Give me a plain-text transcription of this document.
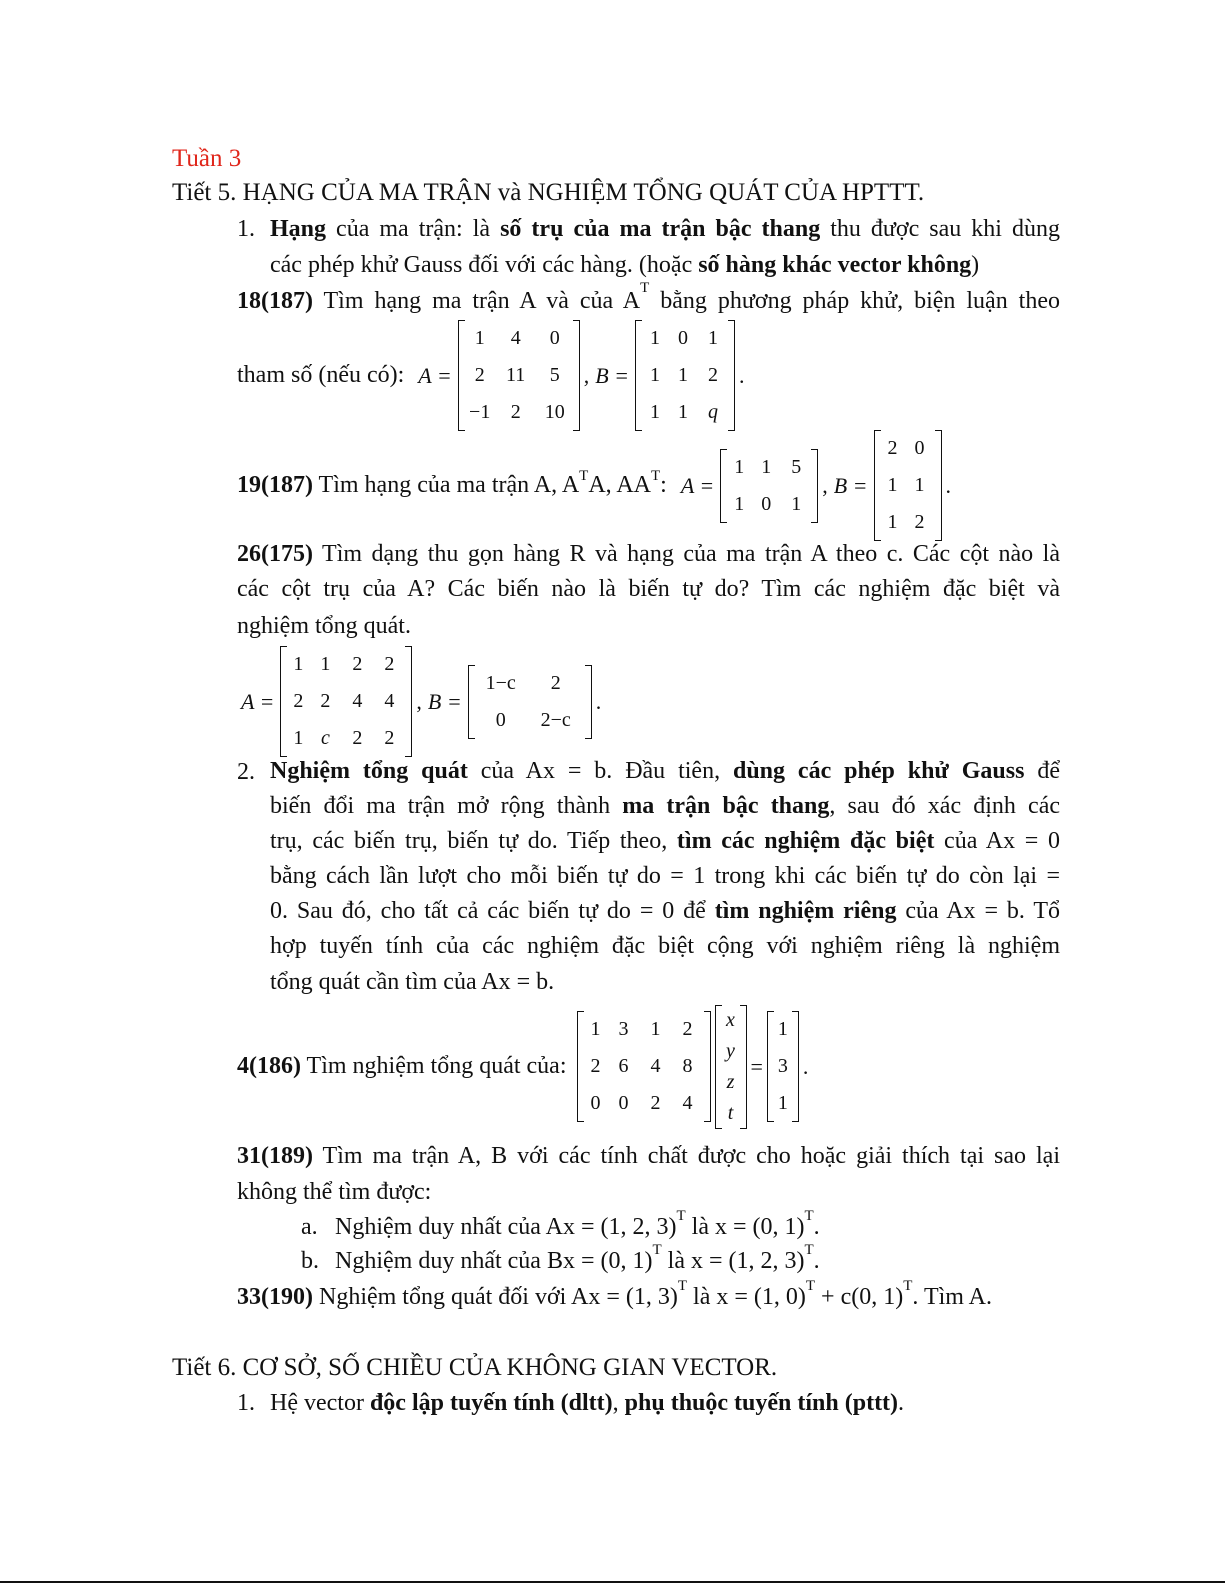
Tuần 3
Tiết 5. HẠNG CỦA MA TRẬN và NGHIỆM TỔNG QUÁT CỦA HPTTT.
1. Hạng của ma trận: là số trụ của ma trận bậc thang thu được sau khi dùng
các phép khử Gauss đối với các hàng. (hoặc số hàng khác vector không)
18(187) Tìm hạng ma trận A và của $A^T$ bằng phương pháp khử, biện luận theo
tham số (nếu có): A =
1
2
−1
4
11
2
0
5
10
, B =
1
1
1
0
1
1
1
2
q
.
19(187) Tìm hạng của ma trận A, $A^TA$, $AA^T$: A =
1
1
1
0
5
1
, B =
2
1
1
0
1
2
.
26(175) Tìm dạng thu gọn hàng R và hạng của ma trận A theo c. Các cột nào là
các cột trụ của A? Các biến nào là biến tự do? Tìm các nghiệm đặc biệt và
nghiệm tổng quát.
A =
1
2
1
1
2
c
2
4
2
2
4
2
, B =
1−c
0
2
2−c
.
2. Nghiệm tổng quát của Ax = b. Đầu tiên, dùng các phép khử Gauss để
biến đổi ma trận mở rộng thành ma trận bậc thang, sau đó xác định các
trụ, các biến trụ, biến tự do. Tiếp theo, tìm các nghiệm đặc biệt của Ax = 0
bằng cách lần lượt cho mỗi biến tự do = 1 trong khi các biến tự do còn lại =
0. Sau đó, cho tất cả các biến tự do = 0 để tìm nghiệm riêng của Ax = b. Tổ
hợp tuyến tính của các nghiệm đặc biệt cộng với nghiệm riêng là nghiệm
tổng quát cần tìm của Ax = b.
4(186) Tìm nghiệm tổng quát của:
1
2
0
3
6
0
1
4
2
2
8
4
x
y
z
t
=
1
3
1
.
31(189) Tìm ma trận A, B với các tính chất được cho hoặc giải thích tại sao lại
không thể tìm được:
a. Nghiệm duy nhất của Ax = (1, 2, 3)$^T$ là x = (0, 1)$^T$.
b. Nghiệm duy nhất của Bx = (0, 1)$^T$ là x = (1, 2, 3)$^T$.
33(190) Nghiệm tổng quát đối với Ax = (1, 3)$^T$ là x = (1, 0)$^T$ + c(0, 1)$^T$. Tìm A.
Tiết 6. CƠ SỞ, SỐ CHIỀU CỦA KHÔNG GIAN VECTOR.
1. Hệ vector độc lập tuyến tính (dltt), phụ thuộc tuyến tính (pttt).
